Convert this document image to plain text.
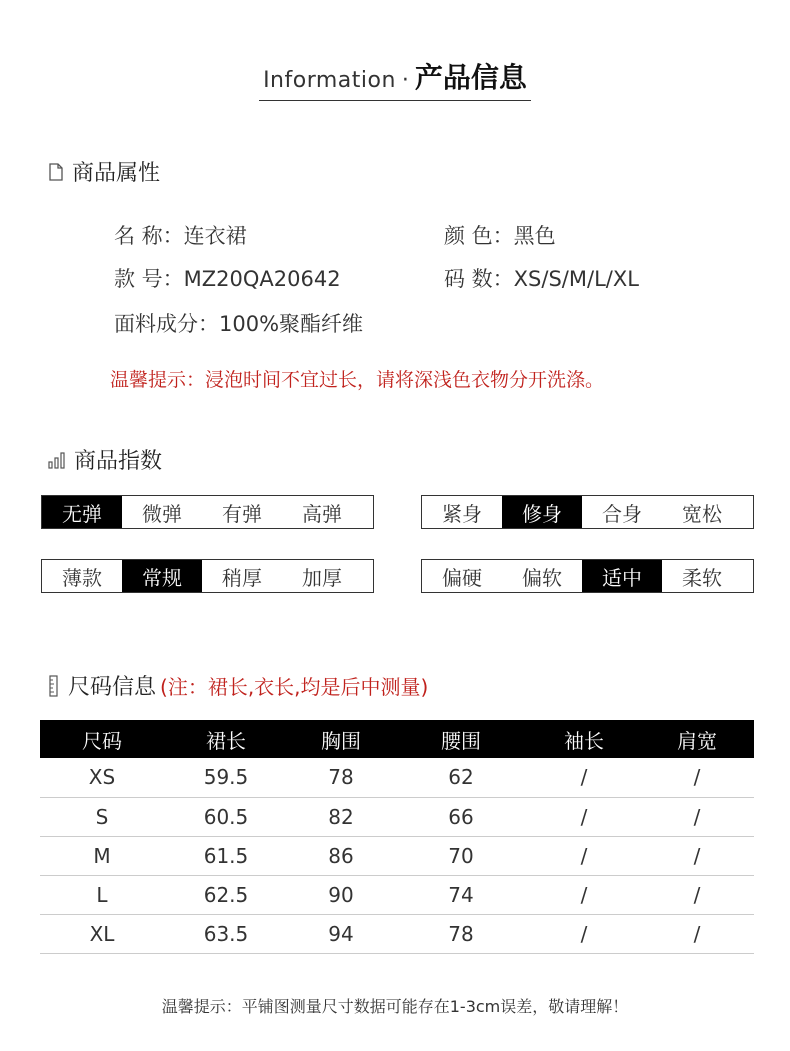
Information · 产品信息
商品属性
名 称：连衣裙	颜 色：黑色
款 号：MZ20QA20642	码 数：XS/S/M/L/XL
面料成分：100%聚酯纤维
温馨提示：浸泡时间不宜过长，请将深浅色衣物分开洗涤。
商品指数
无弹	微弹	有弹	高弹	紧身	修身	合身	宽松
薄款	常规	稍厚	加厚	偏硬	偏软	适中	柔软
尺码信息 (注：裙长,衣长,均是后中测量)
尺码	裙长	胸围	腰围	袖长	肩宽
XS	59.5	78	62	/	/
S	60.5	82	66	/	/
M	61.5	86	70	/	/
L	62.5	90	74	/	/
XL	63.5	94	78	/	/
温馨提示：平铺图测量尺寸数据可能存在1-3cm误差，敬请理解！
